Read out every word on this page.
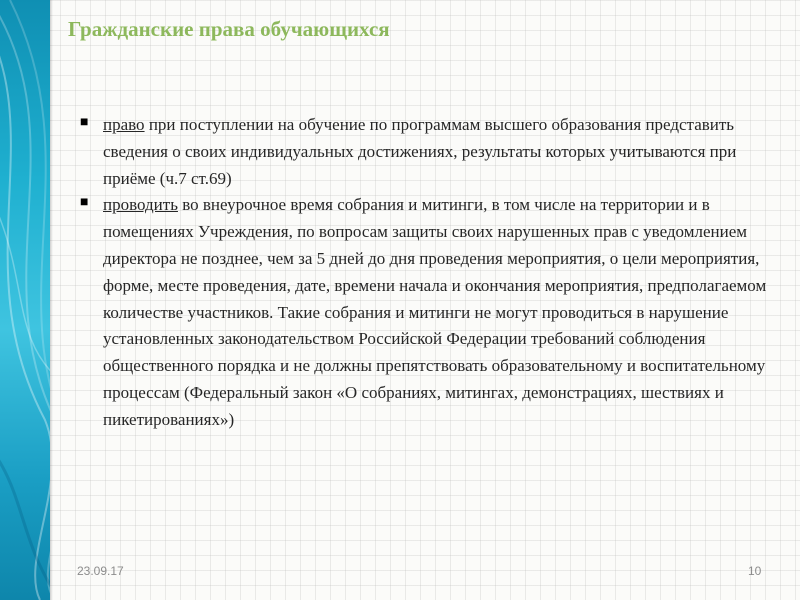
Гражданские права обучающихся
■ право при поступлении на обучение по программам высшего образования представить сведения о своих индивидуальных достижениях, результаты которых учитываются при приёме (ч.7 ст.69)
■ проводить во внеурочное время собрания и митинги, в том числе на территории и в помещениях Учреждения, по вопросам защиты своих нарушенных прав с уведомлением директора не позднее, чем за 5 дней до дня проведения мероприятия, о цели мероприятия, форме, месте проведения, дате, времени начала и окончания мероприятия, предполагаемом количестве участников. Такие собрания и митинги не могут проводиться в нарушение установленных законодательством Российской Федерации требований соблюдения общественного порядка и не должны препятствовать образовательному и воспитательному процессам (Федеральный закон «О собраниях, митингах, демонстрациях, шествиях и пикетированиях»)
23.09.17	10
